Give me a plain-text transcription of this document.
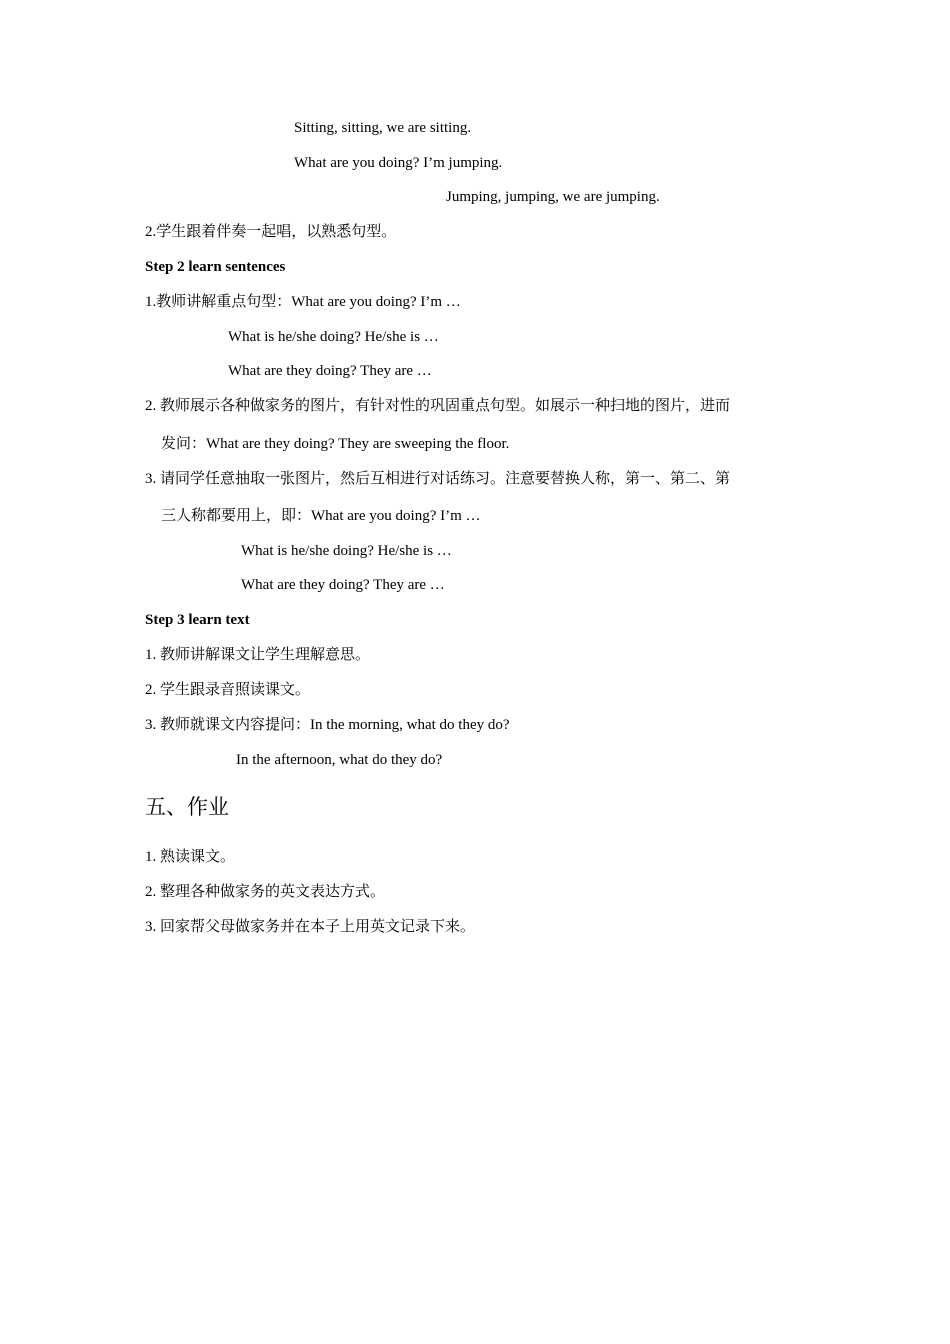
Sitting, sitting, we are sitting.
What are you doing? I’m jumping.
Jumping, jumping, we are jumping.
2.学生跟着伴奏一起唱，以熟悉句型。
Step 2 learn sentences
1.教师讲解重点句型：What are you doing? I’m …
What is he/she doing? He/she is …
What are they doing? They are …
2. 教师展示各种做家务的图片，有针对性的巩固重点句型。如展示一种扫地的图片，进而
发问：What are they doing? They are sweeping the floor.
3. 请同学任意抽取一张图片，然后互相进行对话练习。注意要替换人称，第一、第二、第
三人称都要用上，即：What are you doing? I’m …
What is he/she doing? He/she is …
What are they doing? They are …
Step 3 learn text
1. 教师讲解课文让学生理解意思。
2. 学生跟录音照读课文。
3. 教师就课文内容提问：In the morning, what do they do?
In the afternoon, what do they do?
五、作业
1. 熟读课文。
2. 整理各种做家务的英文表达方式。
3. 回家帮父母做家务并在本子上用英文记录下来。
